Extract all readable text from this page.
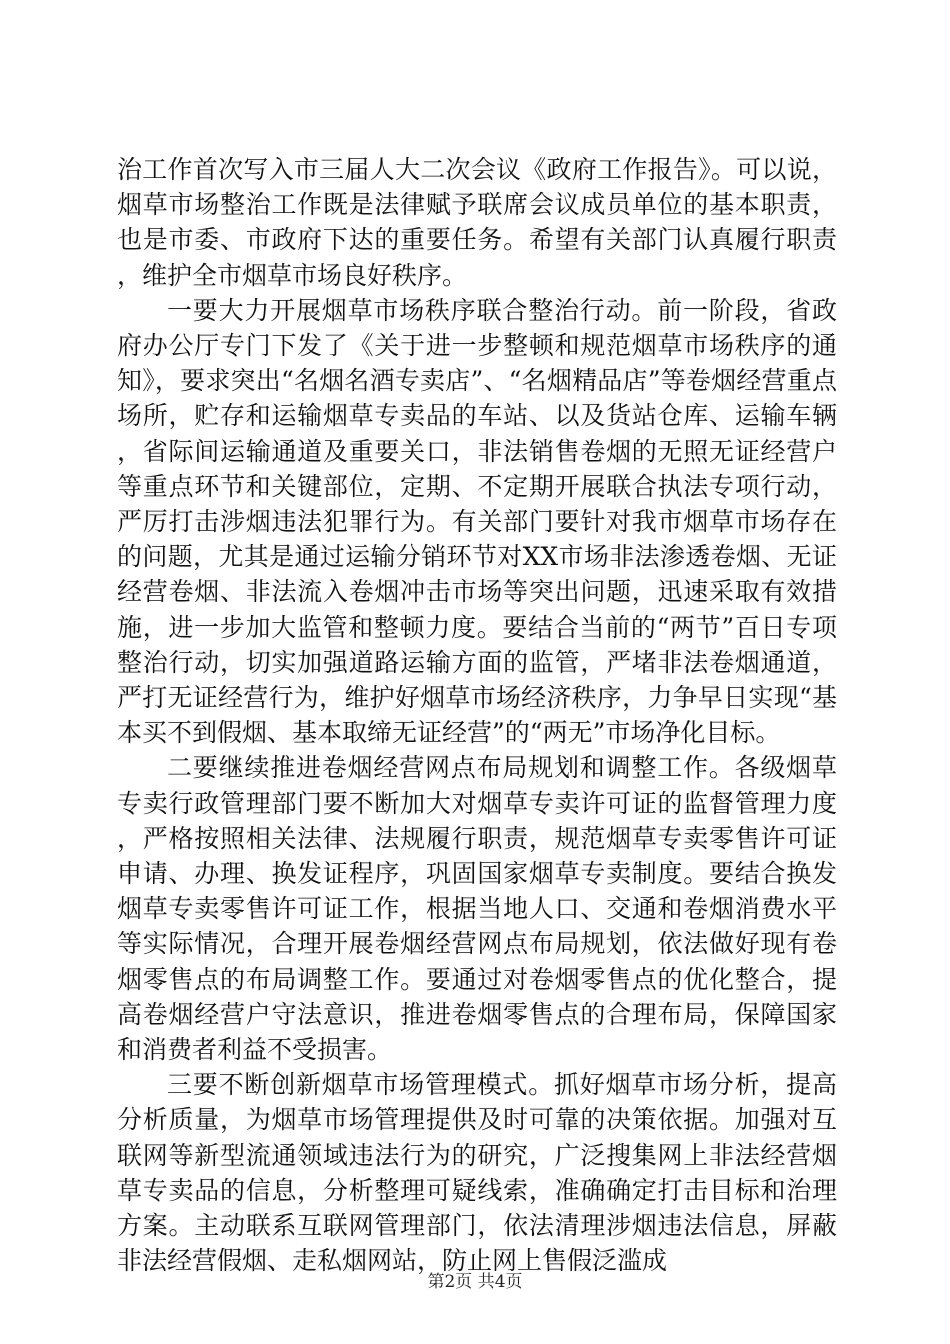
治工作首次写入市三届人大二次会议《政府工作报告》。可以说，烟草市场整治工作既是法律赋予联席会议成员单位的基本职责，也是市委、市政府下达的重要任务。希望有关部门认真履行职责，维护全市烟草市场良好秩序。

一要大力开展烟草市场秩序联合整治行动。前一阶段，省政府办公厅专门下发了《关于进一步整顿和规范烟草市场秩序的通知》，要求突出“名烟名酒专卖店”、“名烟精品店”等卷烟经营重点场所，贮存和运输烟草专卖品的车站、以及货站仓库、运输车辆，省际间运输通道及重要关口，非法销售卷烟的无照无证经营户等重点环节和关键部位，定期、不定期开展联合执法专项行动，严厉打击涉烟违法犯罪行为。有关部门要针对我市烟草市场存在的问题，尤其是通过运输分销环节对XX市场非法渗透卷烟、无证经营卷烟、非法流入卷烟冲击市场等突出问题，迅速采取有效措施，进一步加大监管和整顿力度。要结合当前的“两节”百日专项整治行动，切实加强道路运输方面的监管，严堵非法卷烟通道，严打无证经营行为，维护好烟草市场经济秩序，力争早日实现“基本买不到假烟、基本取缔无证经营”的“两无”市场净化目标。

二要继续推进卷烟经营网点布局规划和调整工作。各级烟草专卖行政管理部门要不断加大对烟草专卖许可证的监督管理力度，严格按照相关法律、法规履行职责，规范烟草专卖零售许可证申请、办理、换发证程序，巩固国家烟草专卖制度。要结合换发烟草专卖零售许可证工作，根据当地人口、交通和卷烟消费水平等实际情况，合理开展卷烟经营网点布局规划，依法做好现有卷烟零售点的布局调整工作。要通过对卷烟零售点的优化整合，提高卷烟经营户守法意识，推进卷烟零售点的合理布局，保障国家和消费者利益不受损害。

三要不断创新烟草市场管理模式。抓好烟草市场分析，提高分析质量，为烟草市场管理提供及时可靠的决策依据。加强对互联网等新型流通领域违法行为的研究，广泛搜集网上非法经营烟草专卖品的信息，分析整理可疑线索，准确确定打击目标和治理方案。主动联系互联网管理部门，依法清理涉烟违法信息，屏蔽非法经营假烟、走私烟网站，防止网上售假泛滥成

第2页 共4页
